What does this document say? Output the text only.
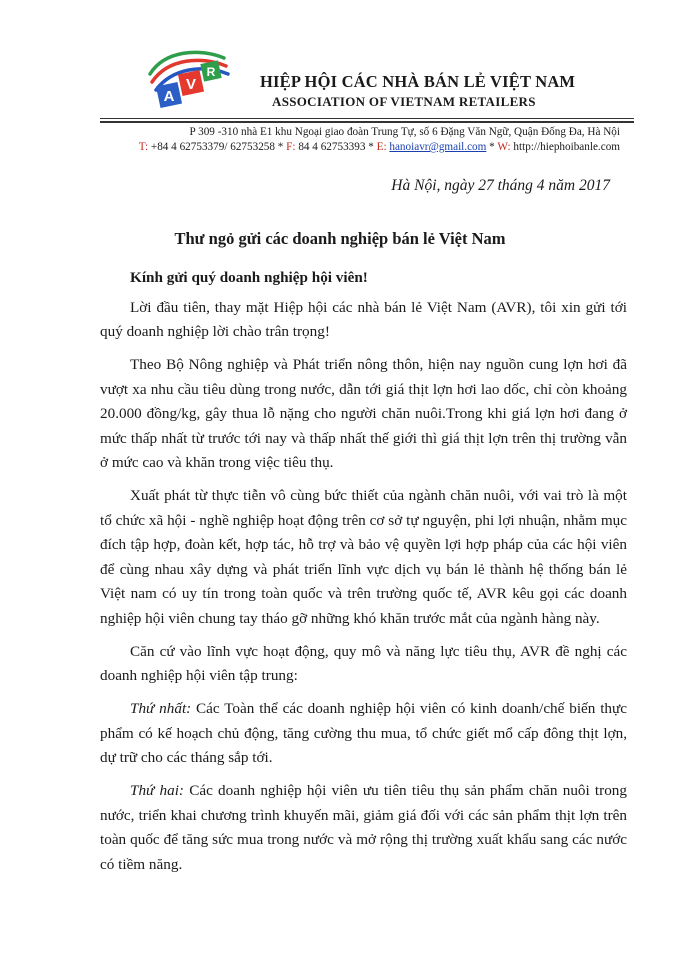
A
V
R	HIỆP HỘI CÁC NHÀ BÁN LẺ VIỆT NAM
ASSOCIATION OF VIETNAM RETAILERS
P 309 -310 nhà E1 khu Ngoại giao đoàn Trung Tự, số 6 Đặng Văn Ngữ, Quận Đống Đa, Hà Nội
T: +84 4 62753379/ 62753258 * F: 84 4 62753393 * E: hanoiavr@gmail.com * W: http://hiephoibanle.com
Hà Nội, ngày 27 tháng 4 năm 2017
Thư ngỏ gửi các doanh nghiệp bán lẻ Việt Nam

Kính gửi quý doanh nghiệp hội viên!

Lời đầu tiên, thay mặt Hiệp hội các nhà bán lẻ Việt Nam (AVR), tôi xin gửi tới quý doanh nghiệp lời chào trân trọng!

Theo Bộ Nông nghiệp và Phát triển nông thôn, hiện nay nguồn cung lợn hơi đã vượt xa nhu cầu tiêu dùng trong nước, dẫn tới giá thịt lợn hơi lao dốc, chỉ còn khoảng 20.000 đồng/kg, gây thua lỗ nặng cho người chăn nuôi.Trong khi giá lợn hơi đang ở mức thấp nhất từ trước tới nay và thấp nhất thế giới thì giá thịt lợn trên thị trường vẫn ở mức cao và khăn trong việc tiêu thụ.

Xuất phát từ thực tiễn vô cùng bức thiết của ngành chăn nuôi, với vai trò là một tổ chức xã hội - nghề nghiệp hoạt động trên cơ sở tự nguyện, phi lợi nhuận, nhằm mục đích tập hợp, đoàn kết, hợp tác, hỗ trợ và bảo vệ quyền lợi hợp pháp của các hội viên để cùng nhau xây dựng và phát triển lĩnh vực dịch vụ bán lẻ thành hệ thống bán lẻ Việt nam có uy tín trong toàn quốc và trên trường quốc tế, AVR kêu gọi các doanh nghiệp hội viên chung tay tháo gỡ những khó khăn trước mắt của ngành hàng này.

Căn cứ vào lĩnh vực hoạt động, quy mô và năng lực tiêu thụ, AVR đề nghị các doanh nghiệp hội viên tập trung:

Thứ nhất: Các Toàn thể các doanh nghiệp hội viên có kinh doanh/chế biến thực phẩm có kế hoạch chủ động, tăng cường thu mua, tổ chức giết mổ cấp đông thịt lợn, dự trữ cho các tháng sắp tới.

Thứ hai: Các doanh nghiệp hội viên ưu tiên tiêu thụ sản phẩm chăn nuôi trong nước, triển khai chương trình khuyến mãi, giảm giá đối với các sản phẩm thịt lợn trên toàn quốc để tăng sức mua trong nước và mở rộng thị trường xuất khẩu sang các nước có tiềm năng.
